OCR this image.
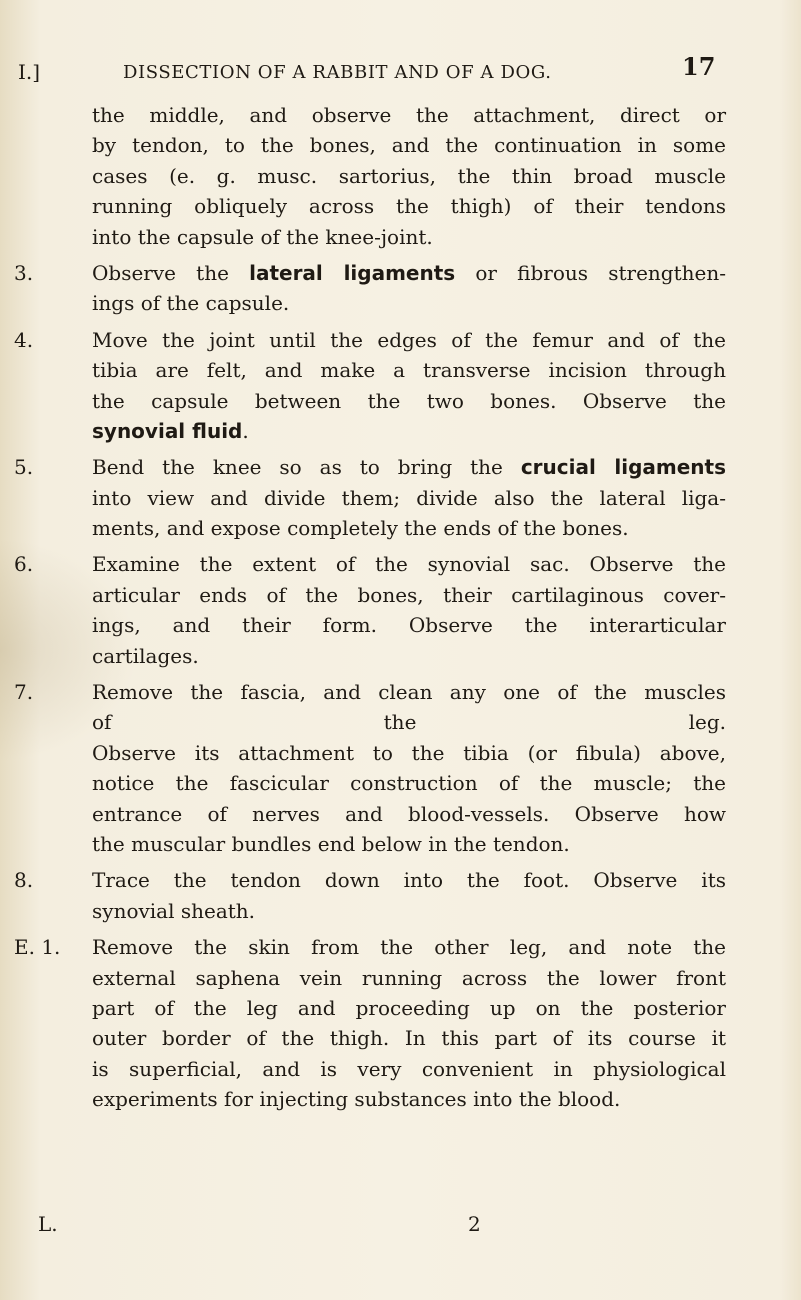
I.]	DISSECTION OF A RABBIT AND OF A DOG.	17
the middle, and observe the attachment, direct or
by tendon, to the bones, and the continuation in some
cases (e. g. musc. sartorius, the thin broad muscle
running obliquely across the thigh) of their tendons
into the capsule of the knee-joint.
3.	Observe the lateral ligaments or fibrous strengthen-
ings of the capsule.
4.	Move the joint until the edges of the femur and of the
tibia are felt, and make a transverse incision through
the capsule between the two bones. Observe the
synovial fluid.
5.	Bend the knee so as to bring the crucial ligaments
into view and divide them; divide also the lateral liga-
ments, and expose completely the ends of the bones.
6.	Examine the extent of the synovial sac. Observe the
articular ends of the bones, their cartilaginous cover-
ings, and their form. Observe the interarticular
cartilages.
7.	Remove the fascia, and clean any one of the muscles
of the leg.
Observe its attachment to the tibia (or fibula) above,
notice the fascicular construction of the muscle; the
entrance of nerves and blood-vessels. Observe how
the muscular bundles end below in the tendon.
8.	Trace the tendon down into the foot. Observe its
synovial sheath.
E. 1.	Remove the skin from the other leg, and note the
external saphena vein running across the lower front
part of the leg and proceeding up on the posterior
outer border of the thigh. In this part of its course it
is superficial, and is very convenient in physiological
experiments for injecting substances into the blood.
L.	2
